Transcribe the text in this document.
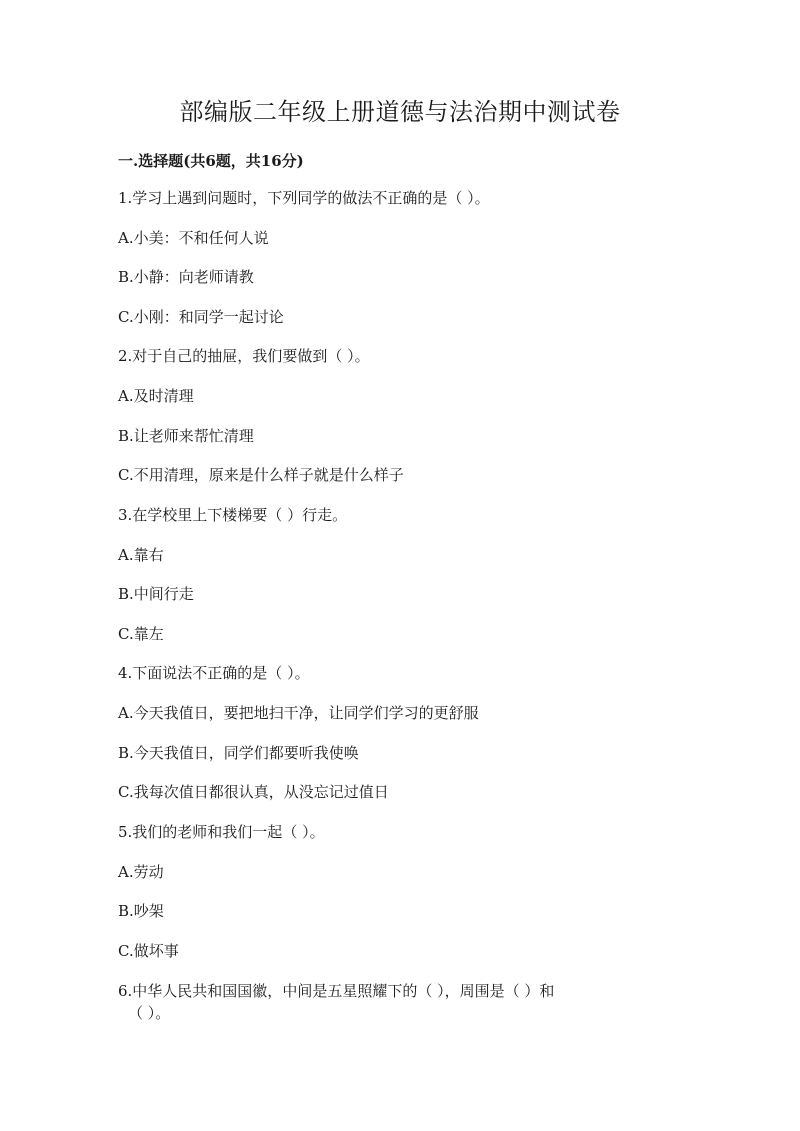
部编版二年级上册道德与法治期中测试卷
一.选择题(共6题，共16分)
1.学习上遇到问题时，下列同学的做法不正确的是（ ）。
A.小美：不和任何人说
B.小静：向老师请教
C.小刚：和同学一起讨论
2.对于自己的抽屉，我们要做到（ ）。
A.及时清理
B.让老师来帮忙清理
C.不用清理，原来是什么样子就是什么样子
3.在学校里上下楼梯要（ ）行走。
A.靠右
B.中间行走
C.靠左
4.下面说法不正确的是（ ）。
A.今天我值日，要把地扫干净，让同学们学习的更舒服
B.今天我值日，同学们都要听我使唤
C.我每次值日都很认真，从没忘记过值日
5.我们的老师和我们一起（ ）。
A.劳动
B.吵架
C.做坏事
6.中华人民共和国国徽，中间是五星照耀下的（ ），周围是（ ）和
（ ）。
